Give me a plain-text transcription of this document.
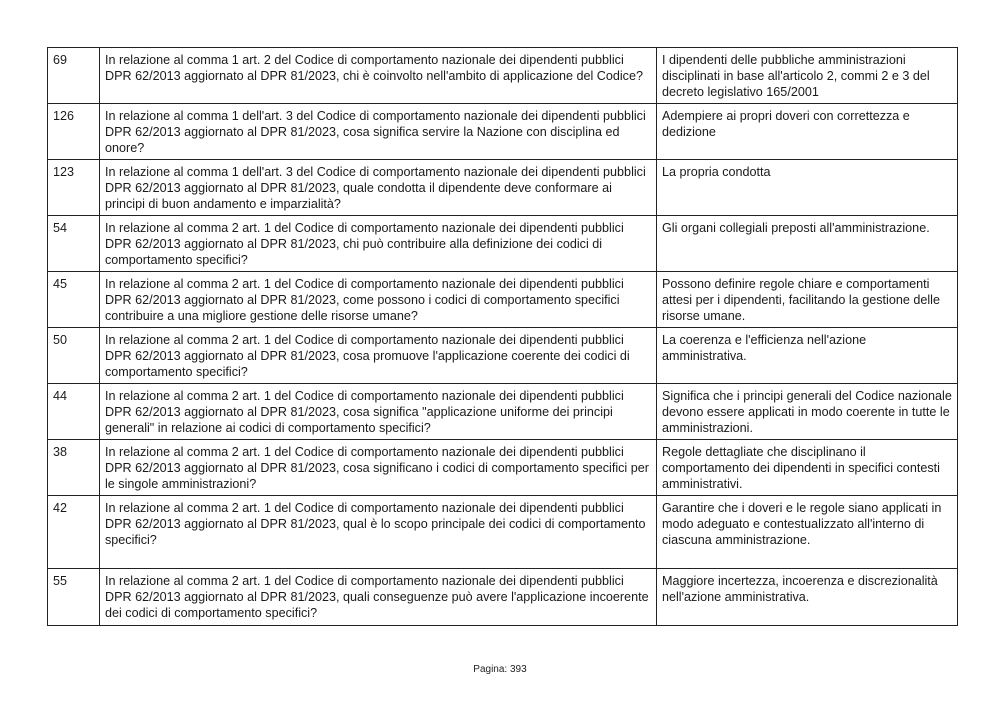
69	In relazione al comma 1 art. 2 del Codice di comportamento nazionale dei dipendenti pubblici DPR 62/2013 aggiornato al DPR 81/2023, chi è coinvolto nell'ambito di applicazione del Codice?	I dipendenti delle pubbliche amministrazioni disciplinati in base all'articolo 2, commi 2 e 3 del decreto legislativo 165/2001
126	In relazione al comma 1 dell'art. 3 del Codice di comportamento nazionale dei dipendenti pubblici DPR 62/2013 aggiornato al DPR 81/2023, cosa significa servire la Nazione con disciplina ed onore?	Adempiere ai propri doveri con correttezza e dedizione
123	In relazione al comma 1 dell'art. 3 del Codice di comportamento nazionale dei dipendenti pubblici DPR 62/2013 aggiornato al DPR 81/2023, quale condotta il dipendente deve conformare ai principi di buon andamento e imparzialità?	La propria condotta
54	In relazione al comma 2 art. 1 del Codice di comportamento nazionale dei dipendenti pubblici DPR 62/2013 aggiornato al DPR 81/2023, chi può contribuire alla definizione dei codici di comportamento specifici?	Gli organi collegiali preposti all'amministrazione.
45	In relazione al comma 2 art. 1 del Codice di comportamento nazionale dei dipendenti pubblici DPR 62/2013 aggiornato al DPR 81/2023, come possono i codici di comportamento specifici contribuire a una migliore gestione delle risorse umane?	Possono definire regole chiare e comportamenti attesi per i dipendenti, facilitando la gestione delle risorse umane.
50	In relazione al comma 2 art. 1 del Codice di comportamento nazionale dei dipendenti pubblici DPR 62/2013 aggiornato al DPR 81/2023, cosa promuove l'applicazione coerente dei codici di comportamento specifici?	La coerenza e l'efficienza nell'azione amministrativa.
44	In relazione al comma 2 art. 1 del Codice di comportamento nazionale dei dipendenti pubblici DPR 62/2013 aggiornato al DPR 81/2023, cosa significa "applicazione uniforme dei principi generali" in relazione ai codici di comportamento specifici?	Significa che i principi generali del Codice nazionale devono essere applicati in modo coerente in tutte le amministrazioni.
38	In relazione al comma 2 art. 1 del Codice di comportamento nazionale dei dipendenti pubblici DPR 62/2013 aggiornato al DPR 81/2023, cosa significano i codici di comportamento specifici per le singole amministrazioni?	Regole dettagliate che disciplinano il comportamento dei dipendenti in specifici contesti amministrativi.
42	In relazione al comma 2 art. 1 del Codice di comportamento nazionale dei dipendenti pubblici DPR 62/2013 aggiornato al DPR 81/2023, qual è lo scopo principale dei codici di comportamento specifici?	Garantire che i doveri e le regole siano applicati in modo adeguato e contestualizzato all'interno di ciascuna amministrazione.
55	In relazione al comma 2 art. 1 del Codice di comportamento nazionale dei dipendenti pubblici DPR 62/2013 aggiornato al DPR 81/2023, quali conseguenze può avere l'applicazione incoerente dei codici di comportamento specifici?	Maggiore incertezza, incoerenza e discrezionalità nell'azione amministrativa.
Pagina: 393
